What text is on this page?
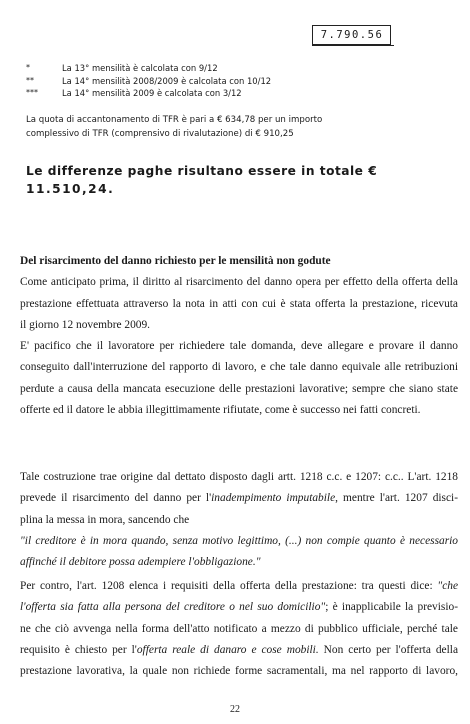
7.790.56
*	La 13° mensilità è calcolata con 9/12
**	La 14° mensilità 2008/2009 è calcolata con 10/12
***	La 14° mensilità 2009 è calcolata con 3/12
La quota di accantonamento di TFR è pari a € 634,78 per un importo
complessivo di TFR (comprensivo di rivalutazione) di € 910,25
Le differenze paghe risultano essere in totale €
11.510,24.
Del risarcimento del danno richiesto per le mensilità non godute
Come anticipato prima, il diritto al risarcimento del danno opera per effetto della offerta della
prestazione effettuata attraverso la nota in atti con cui è stata offerta la prestazione, ricevuta
il giorno 12 novembre 2009.
E' pacifico che il lavoratore per richiedere tale domanda, deve allegare e provare il danno
conseguito dall'interruzione del rapporto di lavoro, e che tale danno equivale alle retribuzioni
perdute a causa della mancata esecuzione delle prestazioni lavorative; sempre che siano state
offerte ed il datore le abbia illegittimamente rifiutate, come è successo nei fatti concreti.
Tale costruzione trae origine dal dettato disposto dagli artt. 1218 c.c. e 1207: c.c.. L'art. 1218
prevede il risarcimento del danno per l'inadempimento imputabile, mentre l'art. 1207 disci-
plina la messa in mora, sancendo che
"il creditore è in mora quando, senza motivo legittimo, (...) non compie quanto è necessario
affinché il debitore possa adempiere l'obbligazione."
Per contro, l'art. 1208 elenca i requisiti della offerta della prestazione: tra questi dice: "che
l'offerta sia fatta alla persona del creditore o nel suo domicilio"; è inapplicabile la previsio-
ne che ciò avvenga nella forma dell'atto notificato a mezzo di pubblico ufficiale, perché tale
requisito è chiesto per l'offerta reale di danaro e cose mobili. Non certo per l'offerta della
prestazione lavorativa, la quale non richiede forme sacramentali, ma nel rapporto di lavoro,
22
